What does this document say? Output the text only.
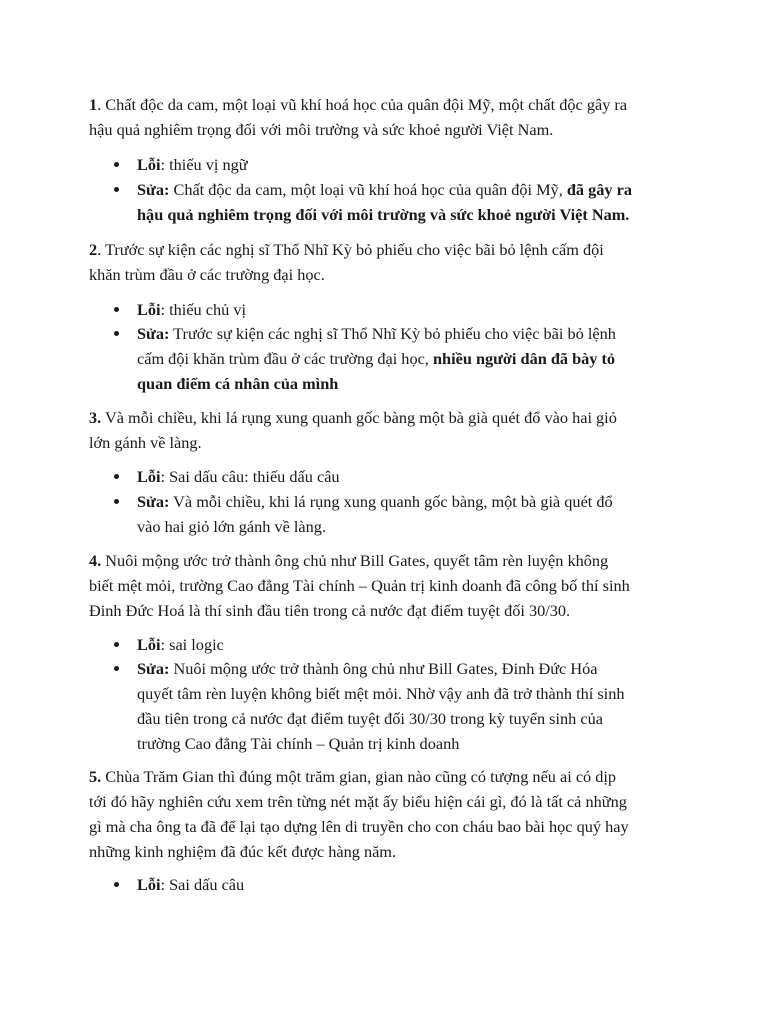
1. Chất độc da cam, một loại vũ khí hoá học của quân đội Mỹ, một chất độc gây ra
hậu quả nghiêm trọng đối với môi trường và sức khoẻ người Việt Nam.

Lỗi: thiếu vị ngữ

Sửa: Chất độc da cam, một loại vũ khí hoá học của quân đội Mỹ, đã gây ra
hậu quả nghiêm trọng đối với môi trường và sức khoẻ người Việt Nam.

2. Trước sự kiện các nghị sĩ Thổ Nhĩ Kỳ bỏ phiếu cho việc bãi bỏ lệnh cấm đội
khăn trùm đầu ở các trường đại học.

Lỗi: thiếu chủ vị

Sửa: Trước sự kiện các nghị sĩ Thổ Nhĩ Kỳ bỏ phiếu cho việc bãi bỏ lệnh
cấm đội khăn trùm đầu ở các trường đại học, nhiều người dân đã bày tỏ
quan điểm cá nhân của mình

3. Và mỗi chiều, khi lá rụng xung quanh gốc bàng một bà già quét đổ vào hai giỏ
lớn gánh về làng.

Lỗi: Sai dấu câu: thiếu dấu câu

Sửa: Và mỗi chiều, khi lá rụng xung quanh gốc bàng, một bà già quét đổ
vào hai giỏ lớn gánh về làng.

4. Nuôi mộng ước trở thành ông chủ như Bill Gates, quyết tâm rèn luyện không
biết mệt mỏi, trường Cao đẳng Tài chính – Quản trị kinh doanh đã công bố thí sinh
Đinh Đức Hoá là thí sinh đầu tiên trong cả nước đạt điểm tuyệt đối 30/30.

Lỗi: sai logic

Sửa: Nuôi mộng ước trở thành ông chủ như Bill Gates, Đinh Đức Hóa
quyết tâm rèn luyện không biết mệt mỏi. Nhờ vậy anh đã trở thành thí sinh
đầu tiên trong cả nước đạt điểm tuyệt đối 30/30 trong kỳ tuyển sinh của
trường Cao đẳng Tài chính – Quản trị kinh doanh

5. Chùa Trăm Gian thì đúng một trăm gian, gian nào cũng có tượng nếu ai có dịp
tới đó hãy nghiên cứu xem trên từng nét mặt ấy biểu hiện cái gì, đó là tất cả những
gì mà cha ông ta đã để lại tạo dựng lên di truyền cho con cháu bao bài học quý hay
những kinh nghiệm đã đúc kết được hàng năm.

Lỗi: Sai dấu câu
